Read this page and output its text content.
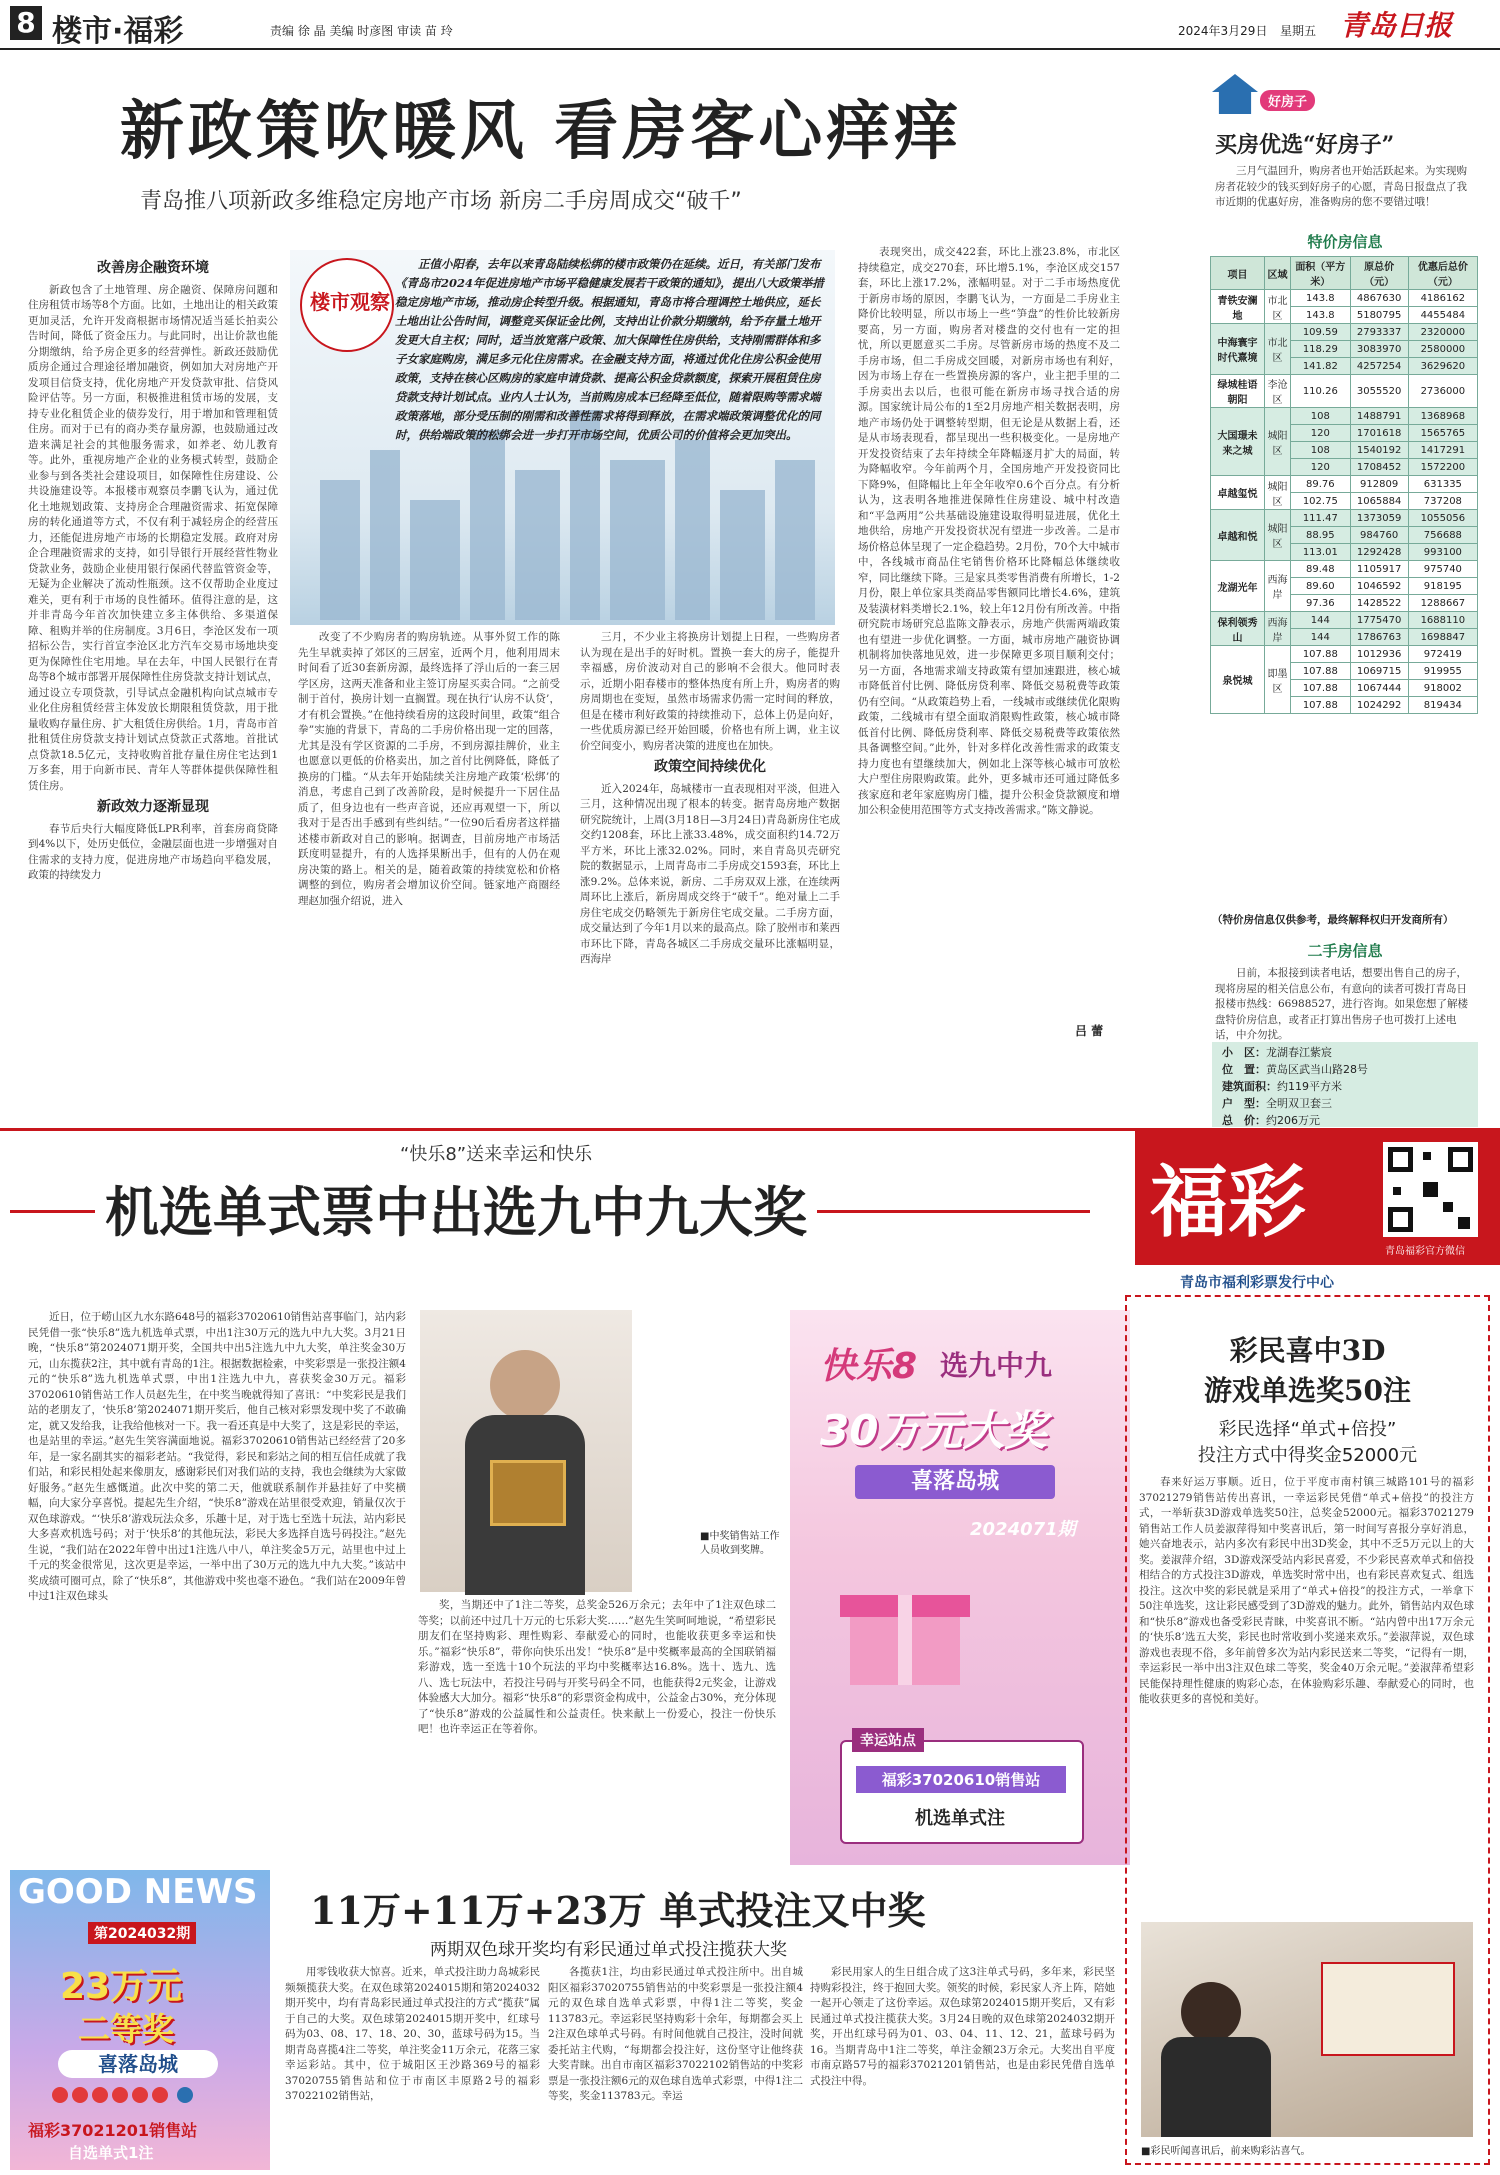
8 楼市·福彩	责编 徐 晶 美编 时彦图 审读 苗 玲	2024年3月29日 星期五 青岛日报
新政策吹暖风 看房客心痒痒
青岛推八项新政多维稳定房地产市场 新房二手房周成交“破千”
改善房企融资环境

新政包含了土地管理、房企融资、保障房问题和住房租赁市场等8个方面。比如，土地出让的相关政策更加灵活，允许开发商根据市场情况适当延长拍卖公告时间，降低了资金压力。与此同时，出让价款也能分期缴纳，给予房企更多的经营弹性。新政还鼓励优质房企通过合理途径增加融资，例如加大对房地产开发项目信贷支持，优化房地产开发贷款审批、信贷风险评估等。另一方面，积极推进租赁市场的发展，支持专业化租赁企业的债券发行，用于增加和管理租赁住房。而对于已有的商办类存量房源，也鼓励通过改造来满足社会的其他服务需求，如养老、幼儿教育等。此外，重视房地产企业的业务模式转型，鼓励企业参与到各类社会建设项目，如保障性住房建设、公共设施建设等。本报楼市观察员李鹏飞认为，通过优化土地规划政策、支持房企合理融资需求、拓宽保障房的转化通道等方式，不仅有利于减轻房企的经营压力，还能促进房地产市场的长期稳定发展。政府对房企合理融资需求的支持，如引导银行开展经营性物业贷款业务，鼓励企业使用银行保函代替监管资金等，无疑为企业解决了流动性瓶颈。这不仅帮助企业度过难关，更有利于市场的良性循环。值得注意的是，这并非青岛今年首次加快建立多主体供给、多渠道保障、租购并举的住房制度。3月6日，李沧区发布一项招标公告，实行首宣李沧区北方汽车交易市场地块变更为保障性住宅用地。早在去年，中国人民银行在青岛等8个城市部署开展保障性住房贷款支持计划试点，通过设立专项贷款，引导试点金融机构向试点城市专业化住房租赁经营主体发放长期限租赁贷款，用于批量收购存量住房、扩大租赁住房供给。1月，青岛市首批租赁住房贷款支持计划试点贷款正式落地。首批试点贷款18.5亿元，支持收购首批存量住房住宅达到1万多套，用于向新市民、青年人等群体提供保障性租赁住房。

新政效力逐渐显现

春节后央行大幅度降低LPR利率，首套房商贷降到4%以下，处历史低位，金融层面也进一步增强对自住需求的支持力度，促进房地产市场趋向平稳发展，政策的持续发力

楼市观察
正值小阳春，去年以来青岛陆续松绑的楼市政策仍在延续。近日，有关部门发布《青岛市2024年促进房地产市场平稳健康发展若干政策的通知》，提出八大政策举措稳定房地产市场，推动房企转型升级。根据通知，青岛市将合理调控土地供应，延长土地出让公告时间，调整竞买保证金比例，支持出让价款分期缴纳，给予存量土地开发更大自主权；同时，适当放宽落户政策、加大保障性住房供给，支持刚需群体和多子女家庭购房，满足多元化住房需求。在金融支持方面，将通过优化住房公积金使用政策，支持在核心区购房的家庭申请贷款、提高公积金贷款额度，探索开展租赁住房贷款支持计划试点。业内人士认为，当前购房成本已经降至低位，随着限购等需求端政策落地，部分受压制的刚需和改善性需求将得到释放，在需求端政策调整优化的同时，供给端政策的松绑会进一步打开市场空间，优质公司的价值将会更加突出。

改变了不少购房者的购房轨迹。从事外贸工作的陈先生早就卖掉了郊区的三居室，近两个月，他利用周末时间看了近30套新房源，最终选择了浮山后的一套三居学区房，这两天准备和业主签订房屋买卖合同。“之前受制于首付，换房计划一直搁置。现在执行‘认房不认贷’，才有机会置换。”在他持续看房的这段时间里，政策“组合拳”实施的背景下，青岛的二手房价格出现一定的回落，尤其是没有学区资源的二手房，不到房源挂牌价，业主也愿意以更低的价格卖出，加之首付比例降低，降低了换房的门槛。“从去年开始陆续关注房地产政策‘松绑’的消息，考虑自己到了改善阶段，是时候提升一下居住品质了，但身边也有一些声音说，还应再观望一下，所以我对于是否出手感到有些纠结。”一位90后看房者这样描述楼市新政对自己的影响。据调查，目前房地产市场活跃度明显提升，有的人选择果断出手，但有的人仍在观房决策的路上。相关的是，随着政策的持续宽松和价格调整的到位，购房者会增加议价空间。链家地产商圈经理赵加强介绍说，进入

三月，不少业主将换房计划提上日程，一些购房者认为现在是出手的好时机。置换一套大的房子，能提升幸福感，房价波动对自己的影响不会很大。他同时表示，近期小阳春楼市的整体热度有所上升，购房者的购房周期也在变短，虽然市场需求仍需一定时间的释放，但是在楼市利好政策的持续推动下，总体上仍是向好，一些优质房源已经开始回暖，价格也有所上调，业主议价空间变小，购房者决策的进度也在加快。

政策空间持续优化

近入2024年，岛城楼市一直表现相对平淡，但进入三月，这种情况出现了根本的转变。据青岛房地产数据研究院统计，上周(3月18日—3月24日)青岛新房住宅成交约1208套，环比上涨33.48%，成交面积约14.72万平方米，环比上涨32.02%。同时，来自青岛贝壳研究院的数据显示，上周青岛市二手房成交1593套，环比上涨9.2%。总体来说，新房、二手房双双上涨，在连续两周环比上涨后，新房周成交终于“破千”。绝对量上二手房住宅成交仍略领先于新房住宅成交量。二手房方面，成交量达到了今年1月以来的最高点。除了胶州市和莱西市环比下降，青岛各城区二手房成交量环比涨幅明显，西海岸

表现突出，成交422套，环比上涨23.8%，市北区持续稳定，成交270套，环比增5.1%，李沧区成交157套，环比上涨17.2%，涨幅明显。对于二手市场热度优于新房市场的原因，李鹏飞认为，一方面是二手房业主降价比较明显，所以市场上一些“笋盘”的性价比较新房要高，另一方面，购房者对楼盘的交付也有一定的担忧，所以更愿意买二手房。尽管新房市场的热度不及二手房市场，但二手房成交回暖，对新房市场也有利好，因为市场上存在一些置换房源的客户，业主把手里的二手房卖出去以后，也很可能在新房市场寻找合适的房源。国家统计局公布的1至2月房地产相关数据表明，房地产市场仍处于调整转型期，但无论是从数据上看，还是从市场表现看，都呈现出一些积极变化。一是房地产开发投资结束了去年持续全年降幅逐月扩大的局面，转为降幅收窄。今年前两个月，全国房地产开发投资同比下降9%，但降幅比上年全年收窄0.6个百分点。有分析认为，这表明各地推进保障性住房建设、城中村改造和“平急两用”公共基础设施建设取得明显进展，优化土地供给，房地产开发投资状况有望进一步改善。二是市场价格总体呈现了一定企稳趋势。2月份，70个大中城市中，各线城市商品住宅销售价格环比降幅总体继续收窄，同比继续下降。三是家具类零售消费有所增长，1-2月份，限上单位家具类商品零售额同比增长4.6%，建筑及装潢材料类增长2.1%，较上年12月份有所改善。中指研究院市场研究总监陈文静表示，房地产供需两端政策也有望进一步优化调整。一方面，城市房地产融资协调机制将加快落地见效，进一步保障更多项目顺利交付；另一方面，各地需求端支持政策有望加速跟进，核心城市降低首付比例、降低房贷利率、降低交易税费等政策仍有空间。“从政策趋势上看，一线城市或继续优化限购政策，二线城市有望全面取消限购性政策，核心城市降低首付比例、降低房贷利率、降低交易税费等政策依然具备调整空间。”此外，针对多样化改善性需求的政策支持力度也有望继续加大，例如北上深等核心城市可放松大户型住房限购政策。此外，更多城市还可通过降低多孩家庭和老年家庭购房门槛，提升公积金贷款额度和增加公积金使用范围等方式支持改善需求。”陈文静说。

吕 蕾
好房子
买房优选“好房子”
三月气温回升，购房者也开始活跃起来。为实现购房者花较少的钱买到好房子的心愿，青岛日报盘点了我市近期的优惠好房，准备购房的您不要错过哦！
特价房信息
项目	区域	面积（平方米）	原总价（元）	优惠后总价（元）
青铁安澜地	市北区	143.8	4867630	4186162
		143.8	5180795	4455484
中海寰宇时代熹境	市北区	109.59	2793337	2320000
		118.29	3083970	2580000
		141.82	4257254	3629620
绿城桂语朝阳	李沧区	110.26	3055520	2736000
大国璟未来之城	城阳区	108	1488791	1368968
		120	1701618	1565765
		108	1540192	1417291
		120	1708452	1572200
卓越玺悦	城阳区	89.76	912809	631335
		102.75	1065884	737208
卓越和悦	城阳区	111.47	1373059	1055056
		88.95	984760	756688
		113.01	1292428	993100
龙湖光年	西海岸	89.48	1105917	975740
		89.60	1046592	918195
		97.36	1428522	1288667
保利领秀山	西海岸	144	1775470	1688110
		144	1786763	1698847
泉悦城	即墨区	107.88	1012936	972419
		107.88	1069715	919955
		107.88	1067444	918002
		107.88	1024292	819434
（特价房信息仅供参考，最终解释权归开发商所有）
二手房信息
日前，本报接到读者电话，想要出售自己的房子，现将房屋的相关信息公布，有意向的读者可拨打青岛日报楼市热线：66988527，进行咨询。如果您想了解楼盘特价房信息，或者正打算出售房子也可拨打上述电话，中介勿扰。
小　区：龙湖春江紫宸
位　置：黄岛区武当山路28号
建筑面积：约119平方米
户　型：全明双卫套三
总　价：约206万元
“快乐8”送来幸运和快乐
机选单式票中出选九中九大奖

近日，位于崂山区九水东路648号的福彩37020610销售站喜事临门，站内彩民凭借一张“快乐8”选九机选单式票，中出1注30万元的选九中九大奖。3月21日晚，“快乐8”第2024071期开奖，全国共中出5注选九中九大奖，单注奖金30万元，山东揽获2注，其中就有青岛的1注。根据数据检索，中奖彩票是一张投注额4元的“快乐8”选九机选单式票，中出1注选九中九，喜获奖金30万元。福彩37020610销售站工作人员赵先生，在中奖当晚就得知了喜讯：“中奖彩民是我们站的老朋友了，‘快乐8’第2024071期开奖后，他自己核对彩票发现中奖了不敢确定，就又发给我，让我给他核对一下。我一看还真是中大奖了，这是彩民的幸运，也是站里的幸运。”赵先生笑容满面地说。福彩37020610销售站已经经营了20多年，是一家名副其实的福彩老站。“我觉得，彩民和彩站之间的相互信任成就了我们站，和彩民相处起来像朋友，感谢彩民们对我们站的支持，我也会继续为大家做好服务。”赵先生感慨道。此次中奖的第二天，他就联系制作并悬挂好了中奖横幅，向大家分享喜悦。提起先生介绍，“快乐8”游戏在站里很受欢迎，销量仅次于双色球游戏。“‘快乐8’游戏玩法众多，乐趣十足，对于选七至选十玩法，站内彩民大多喜欢机选号码；对于‘快乐8’的其他玩法，彩民大多选择自选号码投注。”赵先生说，“我们站在2022年曾中出过1注选八中八，单注奖金5万元，站里也中过上千元的奖金很常见，这次更是幸运，一举中出了30万元的选九中九大奖。”该站中奖成绩可圈可点，除了“快乐8”，其他游戏中奖也毫不逊色。“我们站在2009年曾中过1注双色球头

■中奖销售站工作人员收到奖牌。

奖，当期还中了1注二等奖，总奖金526万余元；去年中了1注双色球二等奖；以前还中过几十万元的七乐彩大奖……”赵先生笑呵呵地说，“希望彩民朋友们在坚持购彩、理性购彩、奉献爱心的同时，也能收获更多幸运和快乐。”福彩“快乐8”，带你向快乐出发！“快乐8”是中奖概率最高的全国联销福彩游戏，选一至选十10个玩法的平均中奖概率达16.8%。选十、选九、选八、选七玩法中，若投注号码与开奖号码全不同，也能获得2元奖金，让游戏体验感大大加分。福彩“快乐8”的彩票资金构成中，公益金占30%，充分体现了“快乐8”游戏的公益属性和公益责任。快来献上一份爱心，投注一份快乐吧！也许幸运正在等着你。

快乐8 选九中九
30万元大奖
喜落岛城
2024071期
幸运站点
福彩37020610销售站
机选单式注
福彩
青岛福彩官方微信
青岛市福利彩票发行中心
彩民喜中3D
游戏单选奖50注
彩民选择“单式+倍投”
投注方式中得奖金52000元

春来好运万事顺。近日，位于平度市南村镇三城路101号的福彩37021279销售站传出喜讯，一幸运彩民凭借“单式+倍投”的投注方式，一举斩获3D游戏单选奖50注，总奖金52000元。福彩37021279销售站工作人员姜淑萍得知中奖喜讯后，第一时间写喜报分享好消息，她兴奋地表示，站内多次有彩民中出3D奖金，其中不乏5万元以上的大奖。姜淑萍介绍，3D游戏深受站内彩民喜爱，不少彩民喜欢单式和倍投相结合的方式投注3D游戏，单选奖时常中出，也有彩民喜欢复式、组选投注。这次中奖的彩民就是采用了“单式+倍投”的投注方式，一举拿下50注单选奖，这让彩民感受到了3D游戏的魅力。此外，销售站内双色球和“快乐8”游戏也备受彩民青睐，中奖喜讯不断。“站内曾中出17万余元的‘快乐8’选五大奖，彩民也时常收到小奖递来欢乐。”姜淑萍说，双色球游戏也表现不俗，多年前曾多次为站内彩民送来二等奖，“记得有一期，幸运彩民一举中出3注双色球二等奖，奖金40万余元呢。”姜淑萍希望彩民能保持理性健康的购彩心态，在体验购彩乐趣、奉献爱心的同时，也能收获更多的喜悦和美好。

■彩民听闻喜讯后，前来购彩沾喜气。
GOOD NEWS
第2024032期
23万元
二等奖
喜落岛城
福彩37021201销售站
自选单式1注
11万+11万+23万 单式投注又中奖
两期双色球开奖均有彩民通过单式投注揽获大奖

用零钱收获大惊喜。近来，单式投注助力岛城彩民频频揽获大奖。在双色球第2024015期和第2024032期开奖中，均有青岛彩民通过单式投注的方式“揽获”属于自己的大奖。双色球第2024015期开奖中，红球号码为03、08、17、18、20、30，蓝球号码为15。当期青岛喜揽4注二等奖，单注奖金11万余元，花落三家幸运彩站。其中，位于城阳区王沙路369号的福彩37020755销售站和位于市南区丰原路2号的福彩37022102销售站，

各揽获1注，均由彩民通过单式投注所中。出自城阳区福彩37020755销售站的中奖彩票是一张投注额4元的双色球自选单式彩票，中得1注二等奖，奖金113783元。幸运彩民坚持购彩十余年，每期都会买上2注双色球单式号码。有时间他就自己投注，没时间就委托站主代购，“每期都会投注好，这份坚守让他终获大奖青睐。出自市南区福彩37022102销售站的中奖彩票是一张投注额6元的双色球自选单式彩票，中得1注二等奖，奖金113783元。幸运

彩民用家人的生日组合成了这3注单式号码，多年来，彩民坚持购彩投注，终于抱回大奖。领奖的时候，彩民家人齐上阵，陪她一起开心领走了这份幸运。双色球第2024015期开奖后，又有彩民通过单式投注揽获大奖。3月24日晚的双色球第2024032期开奖，开出红球号码为01、03、04、11、12、21，蓝球号码为16。当期青岛中1注二等奖，单注金额23万余元。大奖出自平度市南京路57号的福彩37021201销售站，也是由彩民凭借自选单式投注中得。
